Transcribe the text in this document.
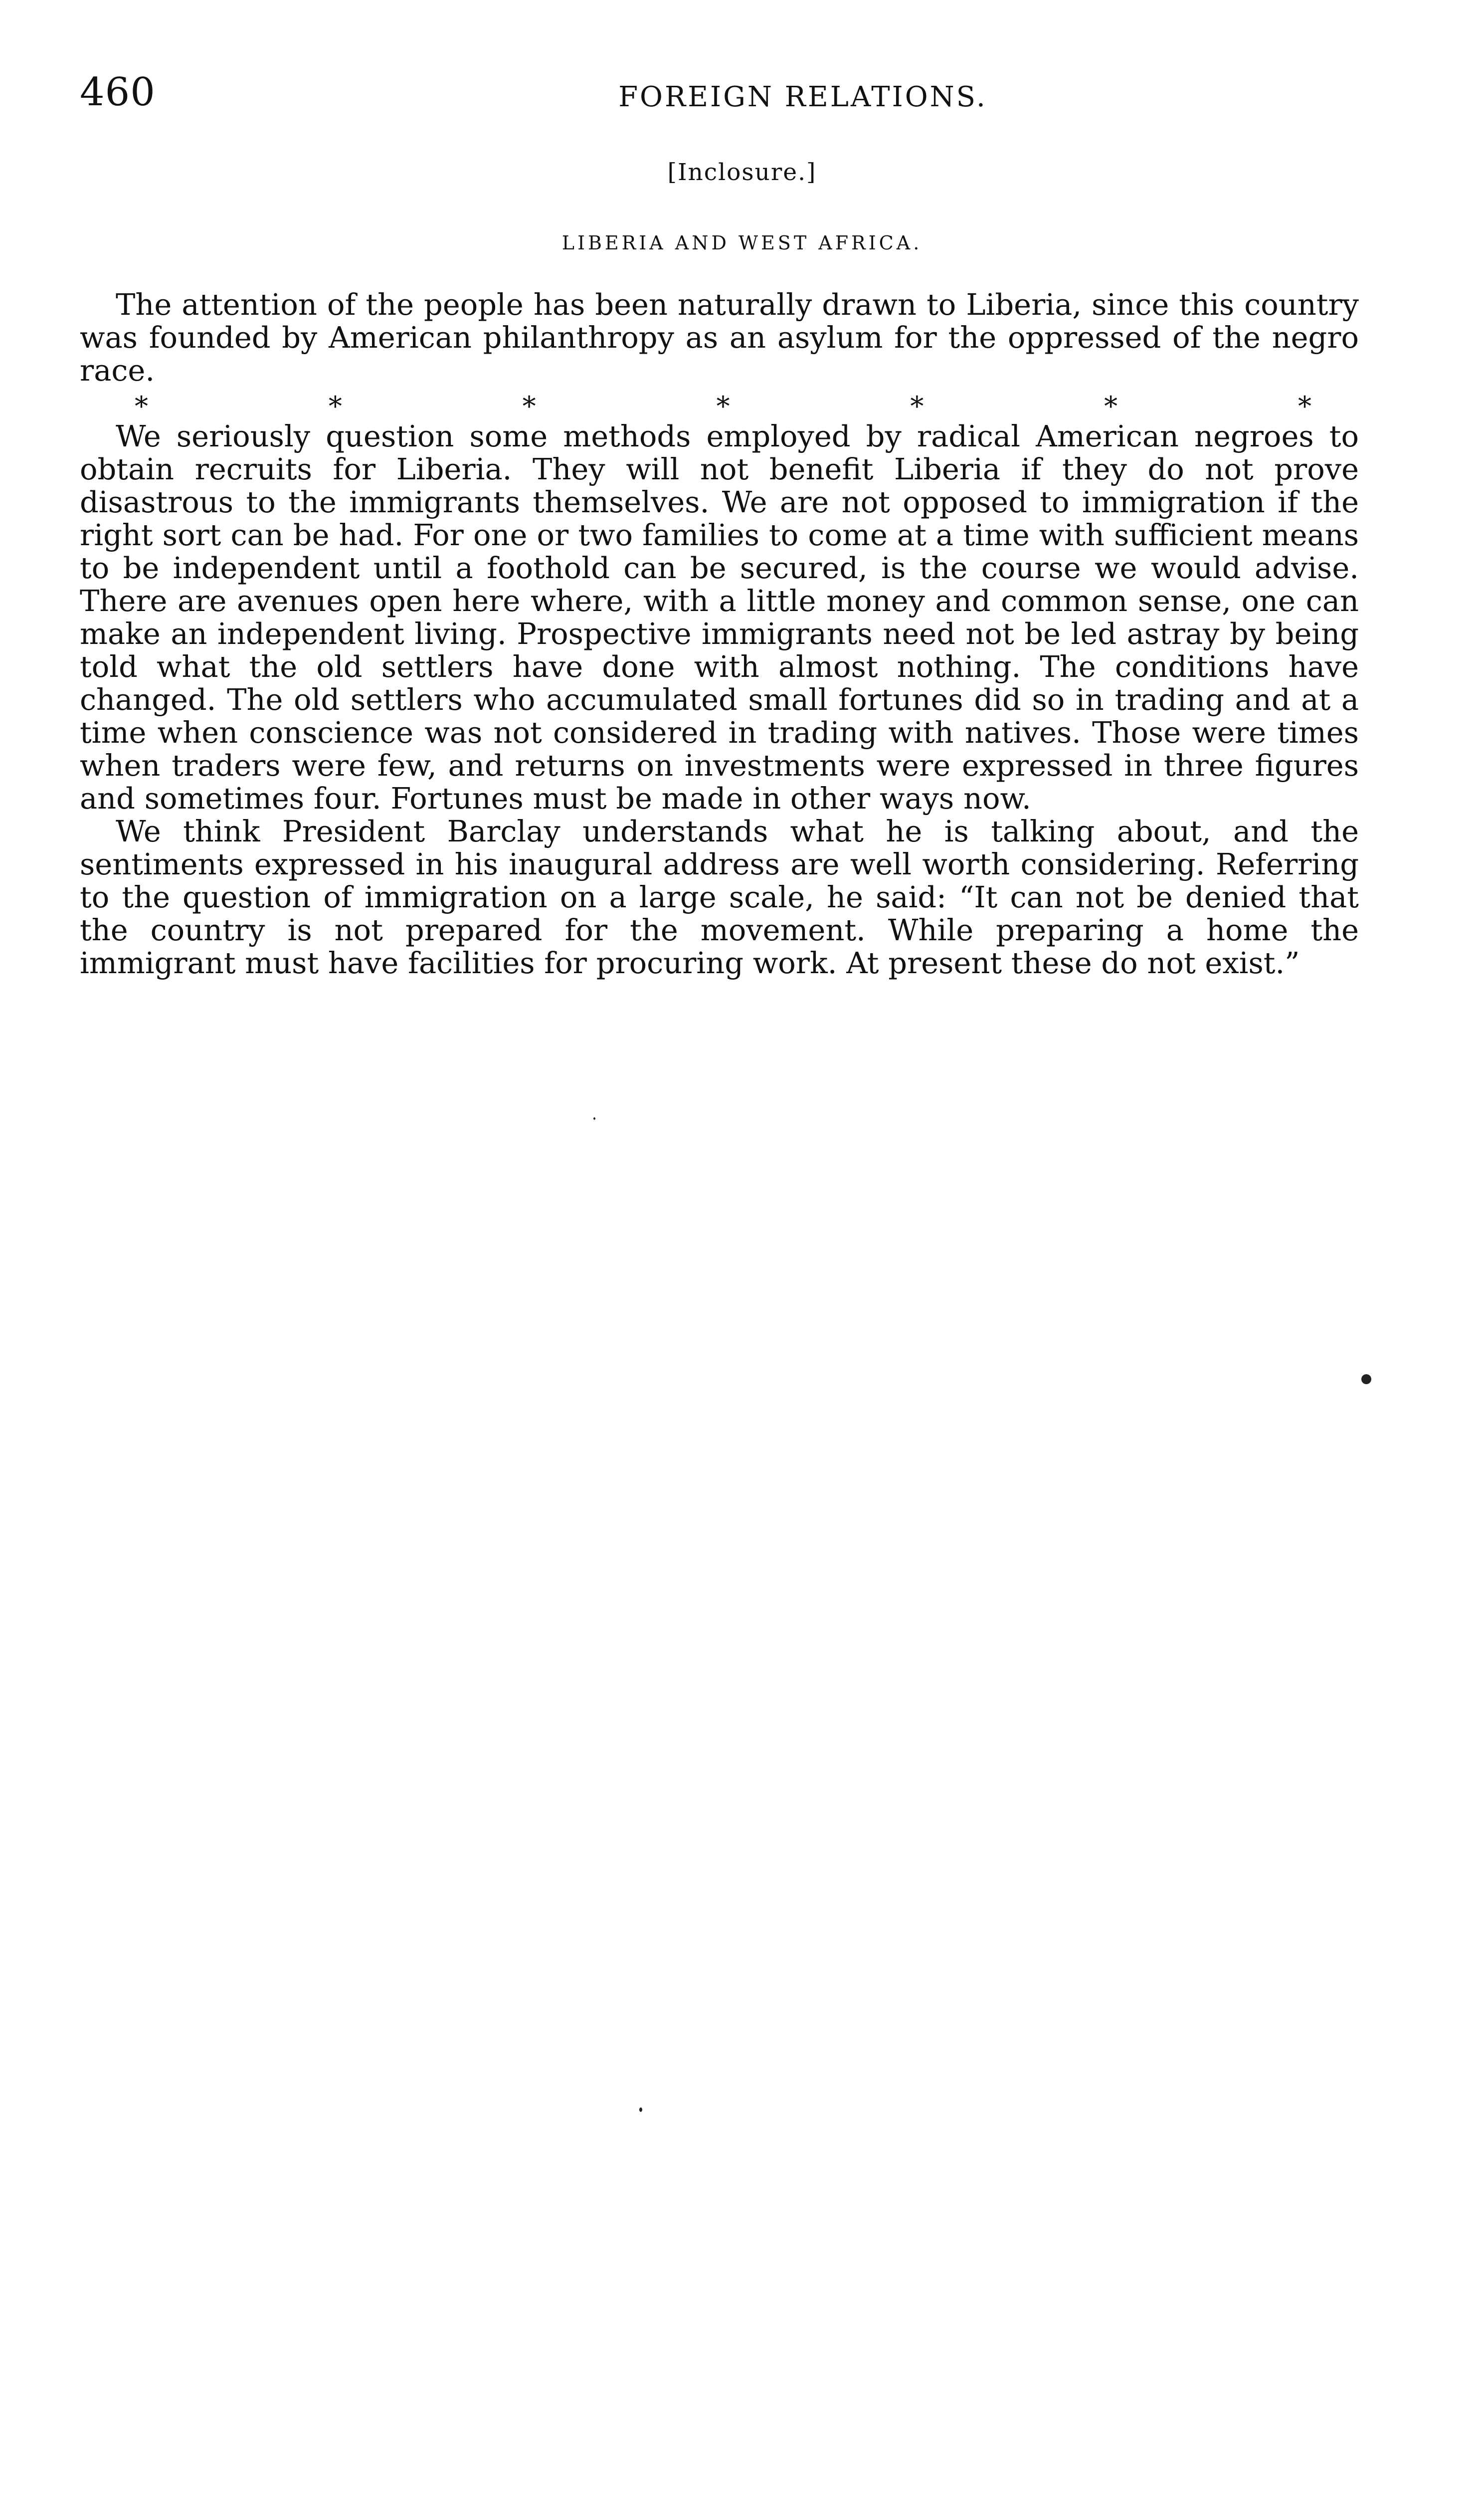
460	FOREIGN RELATIONS.
[Inclosure.]
LIBERIA AND WEST AFRICA.

The attention of the people has been naturally drawn to Liberia, since this country was founded by American philanthropy as an asylum for the oppressed of the negro race.

*	*	*	*	*	*	*

We seriously question some methods employed by radical American negroes to obtain recruits for Liberia. They will not benefit Liberia if they do not prove disastrous to the immigrants themselves. We are not opposed to immigration if the right sort can be had. For one or two families to come at a time with sufficient means to be independent until a foothold can be secured, is the course we would advise. There are avenues open here where, with a little money and common sense, one can make an independent living. Prospective immigrants need not be led astray by being told what the old settlers have done with almost nothing. The conditions have changed. The old settlers who accumulated small fortunes did so in trading and at a time when conscience was not considered in trading with natives. Those were times when traders were few, and returns on investments were expressed in three figures and sometimes four. Fortunes must be made in other ways now.

We think President Barclay understands what he is talking about, and the sentiments expressed in his inaugural address are well worth considering. Referring to the question of immigration on a large scale, he said: “It can not be denied that the country is not prepared for the movement. While preparing a home the immigrant must have facilities for procuring work. At present these do not exist.”
